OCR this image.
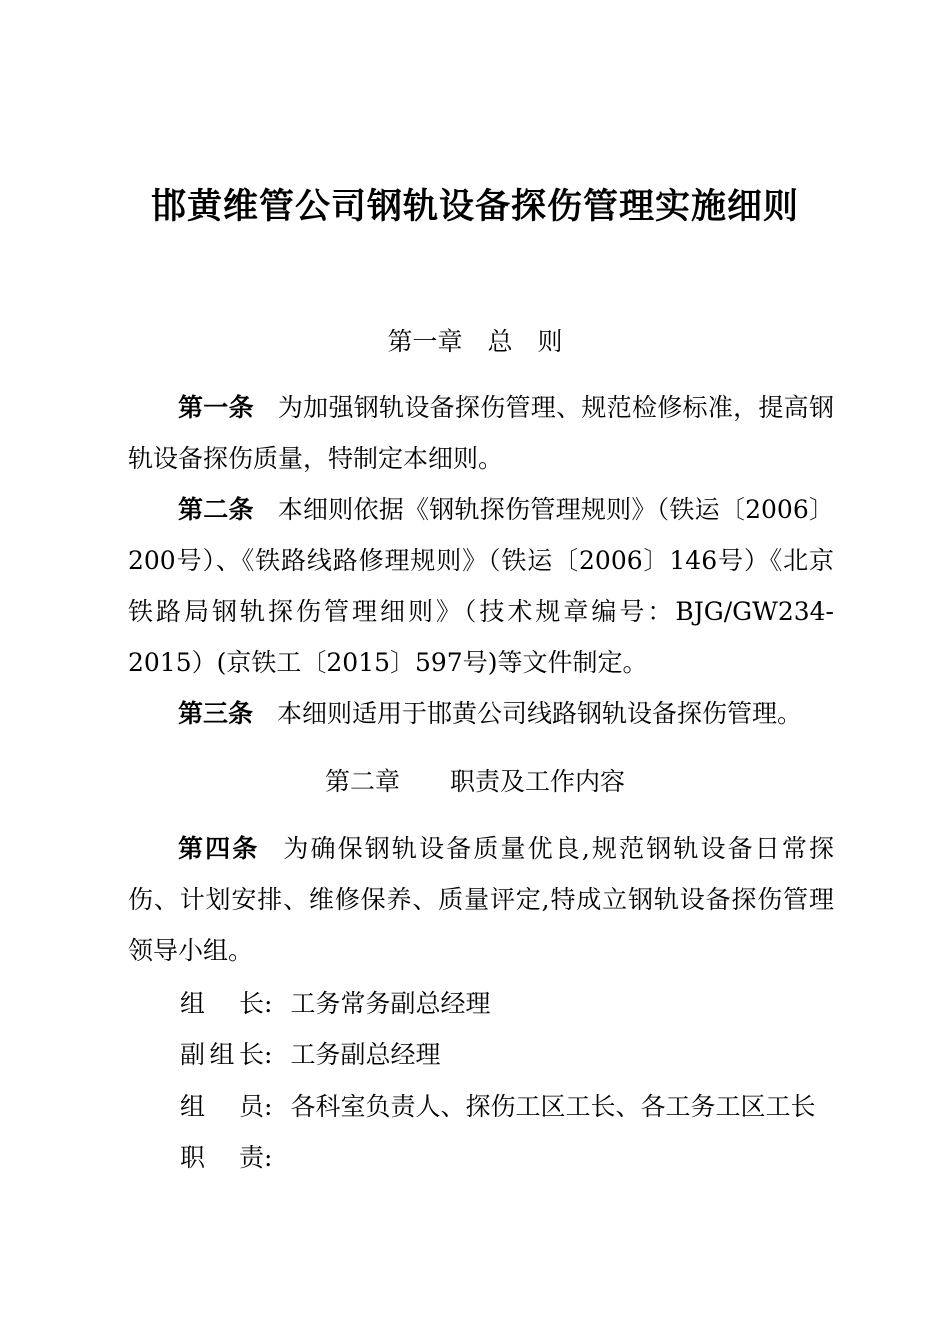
邯黄维管公司钢轨设备探伤管理实施细则
第一章　总　则

第一条 为加强钢轨设备探伤管理、规范检修标准，提高钢轨设备探伤质量，特制定本细则。

第二条 本细则依据《钢轨探伤管理规则》（铁运〔2006〕200号）、《铁路线路修理规则》（铁运〔2006〕146号）《北京铁路局钢轨探伤管理细则》（技术规章编号：BJG/GW234-2015）(京铁工〔2015〕597号)等文件制定。

第三条 本细则适用于邯黄公司线路钢轨设备探伤管理。

第二章　　职责及工作内容

第四条 为确保钢轨设备质量优良,规范钢轨设备日常探伤、计划安排、维修保养、质量评定,特成立钢轨设备探伤管理领导小组。

组　长: 工务常务副总经理
副组长: 工务副总经理
组　员: 各科室负责人、探伤工区工长、各工务工区工长
职　责:
